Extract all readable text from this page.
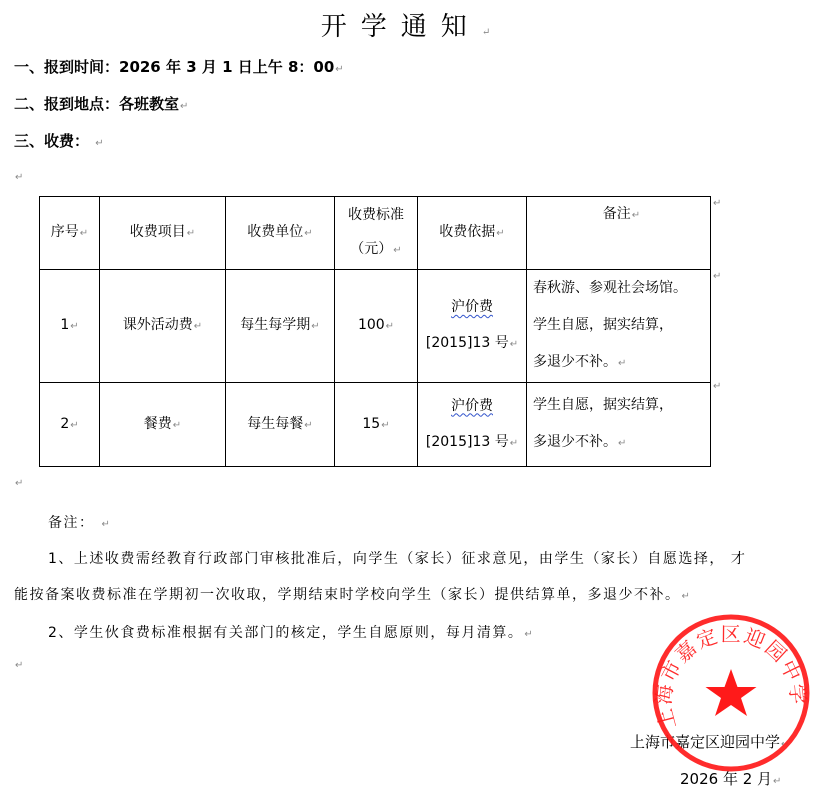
开学通知↵
一、报到时间：2026 年 3 月 1 日上午 8：00↵
二、报到地点：各班教室↵
三、收费： ↵
↵
序号↵	收费项目↵	收费单位↵	收费标准
（元）↵	收费依据↵	备注↵
1↵	课外活动费↵	每生每学期↵	100↵	沪价费
[2015]13 号↵	春秋游、参观社会场馆。
学生自愿，据实结算，
多退少不补。↵
2↵	餐费↵	每生每餐↵	15↵	沪价费
[2015]13 号↵	学生自愿，据实结算，
多退少不补。↵
↵
↵
↵
↵
备注： ↵
1、上述收费需经教育行政部门审核批准后，向学生（家长）征求意见，由学生（家长）自愿选择， 才
能按备案收费标准在学期初一次收取，学期结束时学校向学生（家长）提供结算单，多退少不补。↵
2、学生伙食费标准根据有关部门的核定，学生自愿原则，每月清算。↵
↵
上海市嘉定区迎园中学↵
2026 年 2 月↵
上海市嘉定区迎园中学
